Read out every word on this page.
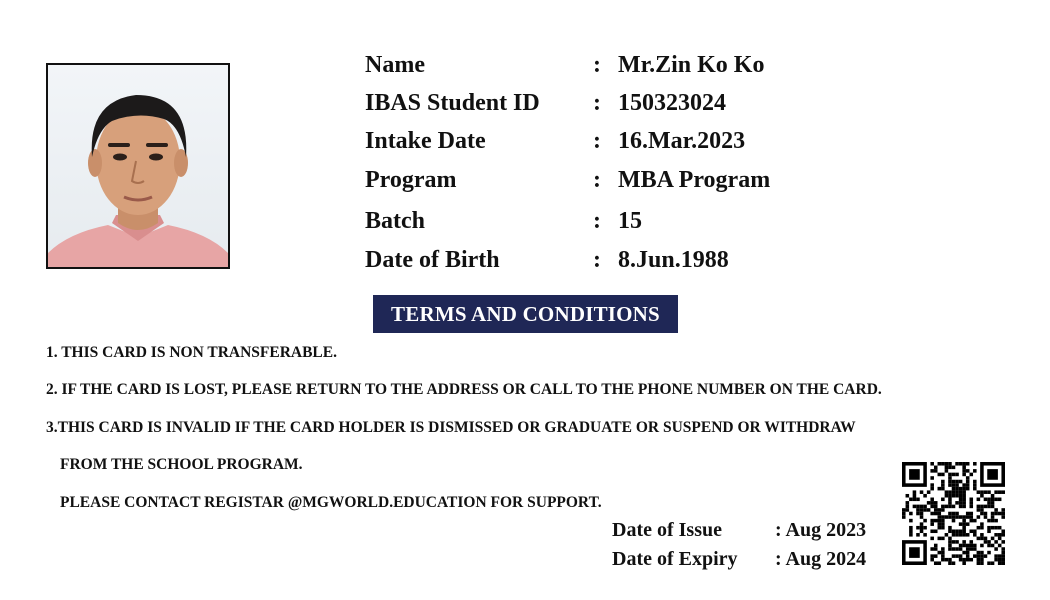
Name	: Mr.Zin Ko Ko
IBAS Student ID : 150323024
Intake Date	: 16.Mar.2023
Program	: MBA Program
Batch	: 15
Date of Birth	: 8.Jun.1988
TERMS AND CONDITIONS
1. THIS CARD IS NON TRANSFERABLE.
2. IF THE CARD IS LOST, PLEASE RETURN TO THE ADDRESS OR CALL TO THE PHONE NUMBER ON THE CARD.
3.THIS CARD IS INVALID IF THE CARD HOLDER IS DISMISSED OR GRADUATE OR SUSPEND OR WITHDRAW
FROM THE SCHOOL PROGRAM.
PLEASE CONTACT REGISTAR @MGWORLD.EDUCATION FOR SUPPORT.
Date of Issue	: Aug 2023
Date of Expiry : Aug 2024
